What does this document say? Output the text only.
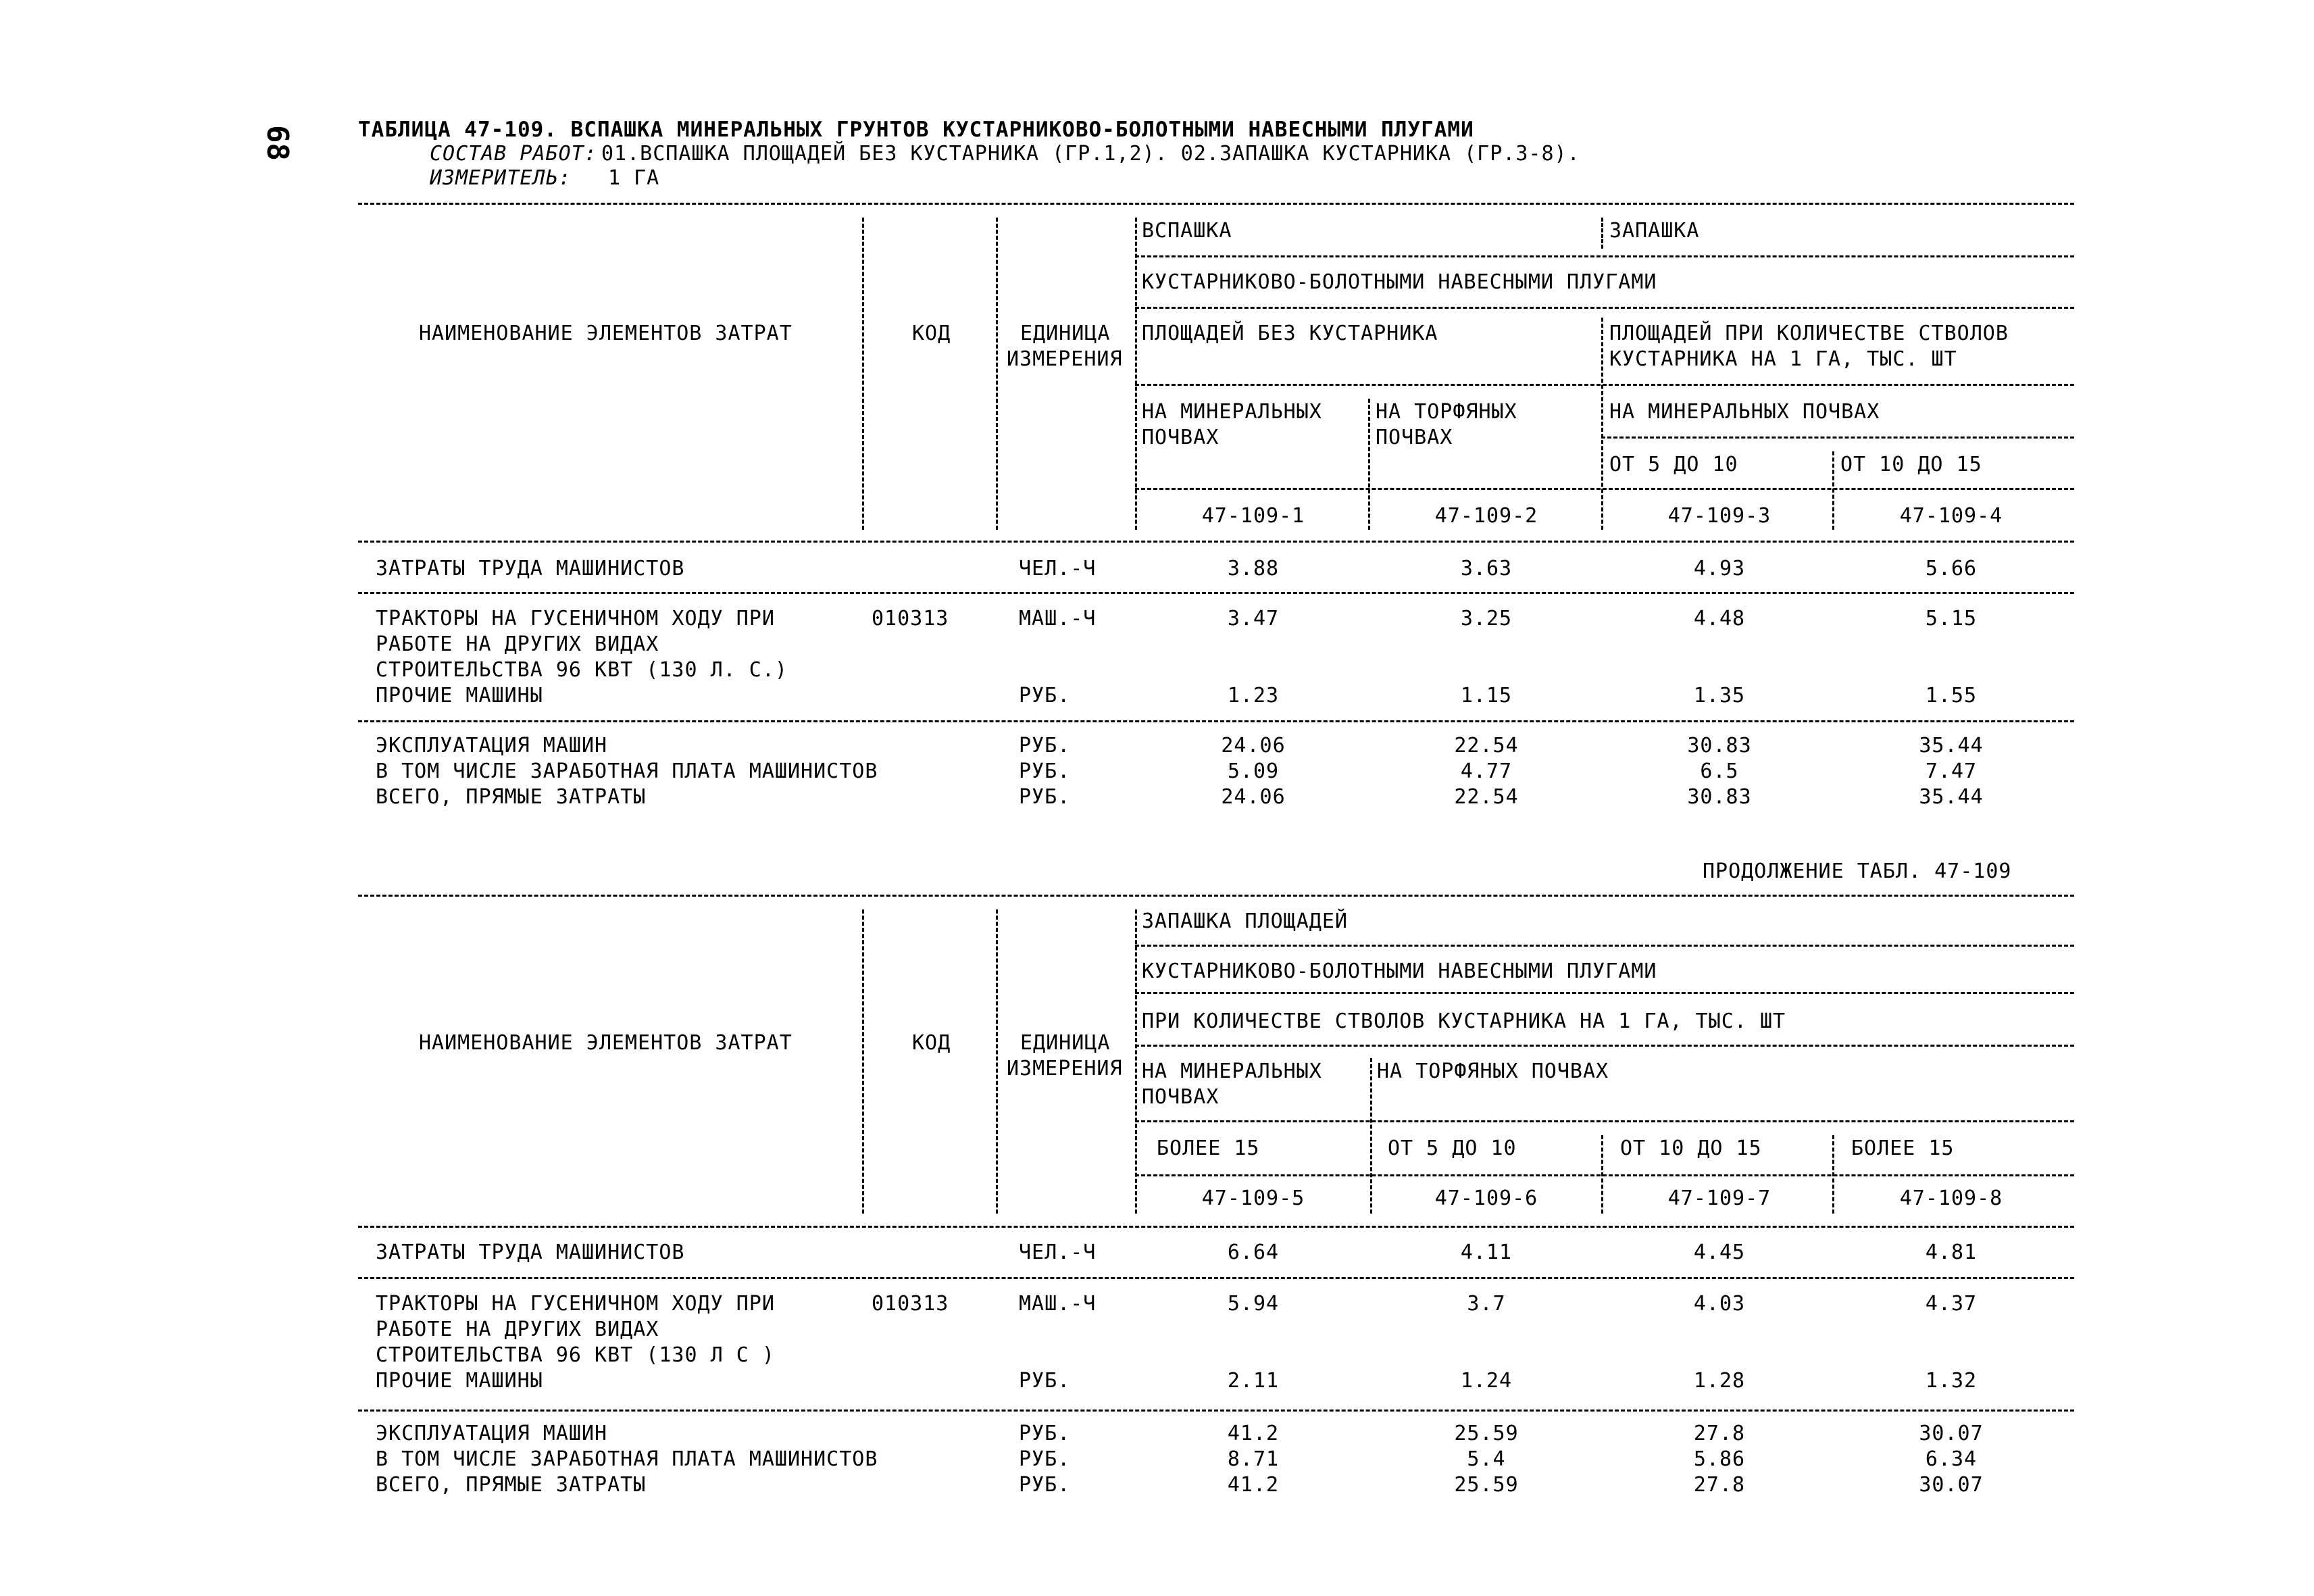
68	ТАБЛИЦА 47-109. ВСПАШКА МИНЕРАЛЬНЫХ ГРУНТОВ КУСТАРНИКОВО-БОЛОТНЫМИ НАВЕСНЫМИ ПЛУГАМИ
СОСТАВ РАБОТ: 01.ВСПАШКА ПЛОЩАДЕЙ БЕЗ КУСТАРНИКА (ГР.1,2). 02.ЗАПАШКА КУСТАРНИКА (ГР.3-8).
ИЗМЕРИТЕЛЬ: 1 ГА
НАИМЕНОВАНИЕ ЭЛЕМЕНТОВ ЗАТРАТ	КОД	ЕДИНИЦА
ИЗМЕРЕНИЯ
ВСПАШКА	ЗАПАШКА
КУСТАРНИКОВО-БОЛОТНЫМИ НАВЕСНЫМИ ПЛУГАМИ
ПЛОЩАДЕЙ БЕЗ КУСТАРНИКА	ПЛОЩАДЕЙ ПРИ КОЛИЧЕСТВЕ СТВОЛОВ
КУСТАРНИКА НА 1 ГА, ТЫС. ШТ
НА МИНЕРАЛЬНЫХ
ПОЧВАХ
НА ТОРФЯНЫХ
ПОЧВАХ
НА МИНЕРАЛЬНЫХ ПОЧВАХ
ОТ 5 ДО 10	ОТ 10 ДО 15
47-109-1	47-109-2	47-109-3	47-109-4
ЗАТРАТЫ ТРУДА МАШИНИСТОВ	ЧЕЛ.-Ч	3.88	3.63	4.93	5.66
ТРАКТОРЫ НА ГУСЕНИЧНОМ ХОДУ ПРИ
РАБОТЕ НА ДРУГИХ ВИДАХ
СТРОИТЕЛЬСТВА 96 КВТ (130 Л. С.)
010313	МАШ.-Ч	3.47	3.25	4.48	5.15
ПРОЧИЕ МАШИНЫ	РУБ.	1.23	1.15	1.35	1.55
ЭКСПЛУАТАЦИЯ МАШИН	РУБ.	24.06	22.54	30.83	35.44
В ТОМ ЧИСЛЕ ЗАРАБОТНАЯ ПЛАТА МАШИНИСТОВ	РУБ.	5.09	4.77	6.5	7.47
ВСЕГО, ПРЯМЫЕ ЗАТРАТЫ	РУБ.	24.06	22.54	30.83	35.44
ПРОДОЛЖЕНИЕ ТАБЛ. 47-109
НАИМЕНОВАНИЕ ЭЛЕМЕНТОВ ЗАТРАТ	КОД	ЕДИНИЦА
ИЗМЕРЕНИЯ
ЗАПАШКА ПЛОЩАДЕЙ
КУСТАРНИКОВО-БОЛОТНЫМИ НАВЕСНЫМИ ПЛУГАМИ
ПРИ КОЛИЧЕСТВЕ СТВОЛОВ КУСТАРНИКА НА 1 ГА, ТЫС. ШТ
НА МИНЕРАЛЬНЫХ
ПОЧВАХ
НА ТОРФЯНЫХ ПОЧВАХ
БОЛЕЕ 15	ОТ 5 ДО 10	ОТ 10 ДО 15	БОЛЕЕ 15
47-109-5	47-109-6	47-109-7	47-109-8
ЗАТРАТЫ ТРУДА МАШИНИСТОВ	ЧЕЛ.-Ч	6.64	4.11	4.45	4.81
ТРАКТОРЫ НА ГУСЕНИЧНОМ ХОДУ ПРИ
РАБОТЕ НА ДРУГИХ ВИДАХ
СТРОИТЕЛЬСТВА 96 КВТ (130 Л С )
010313	МАШ.-Ч	5.94	3.7	4.03	4.37
ПРОЧИЕ МАШИНЫ	РУБ.	2.11	1.24	1.28	1.32
ЭКСПЛУАТАЦИЯ МАШИН	РУБ.	41.2	25.59	27.8	30.07
В ТОМ ЧИСЛЕ ЗАРАБОТНАЯ ПЛАТА МАШИНИСТОВ	РУБ.	8.71	5.4	5.86	6.34
ВСЕГО, ПРЯМЫЕ ЗАТРАТЫ	РУБ.	41.2	25.59	27.8	30.07
